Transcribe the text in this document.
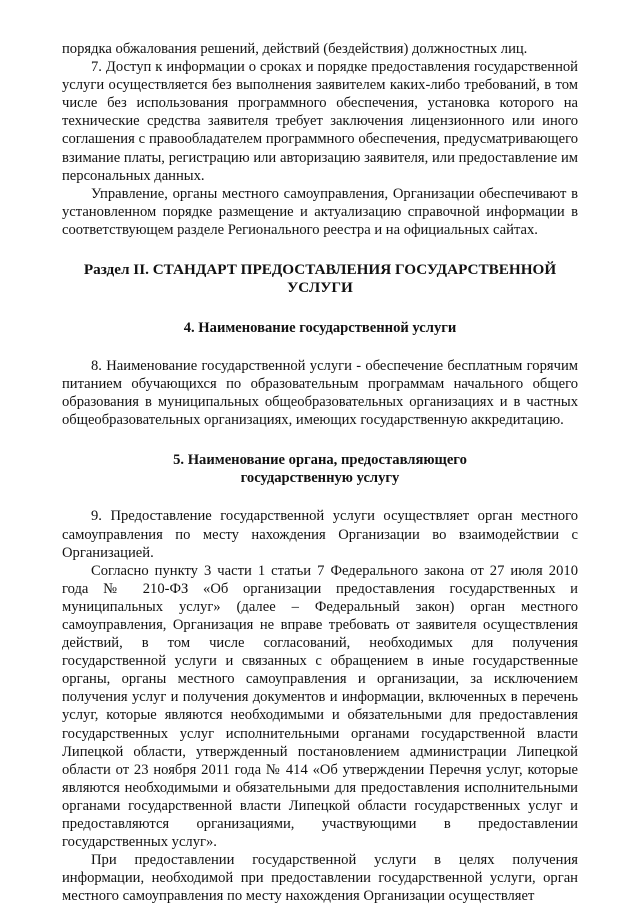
порядка обжалования решений, действий (бездействия) должностных лиц.

7. Доступ к информации о сроках и порядке предоставления государственной услуги осуществляется без выполнения заявителем каких-либо требований, в том числе без использования программного обеспечения, установка которого на технические средства заявителя требует заключения лицензионного или иного соглашения с правообладателем программного обеспечения, предусматривающего взимание платы, регистрацию или авторизацию заявителя, или предоставление им персональных данных.

Управление, органы местного самоуправления, Организации обеспечивают в установленном порядке размещение и актуализацию справочной информации в соответствующем разделе Регионального реестра и на официальных сайтах.

Раздел II. СТАНДАРТ ПРЕДОСТАВЛЕНИЯ ГОСУДАРСТВЕННОЙ УСЛУГИ
4. Наименование государственной услуги

8. Наименование государственной услуги - обеспечение бесплатным горячим питанием обучающихся по образовательным программам начального общего образования в муниципальных общеобразовательных организациях и в частных общеобразовательных организациях, имеющих государственную аккредитацию.

5. Наименование органа, предоставляющего
государственную услугу

9. Предоставление государственной услуги осуществляет орган местного самоуправления по месту нахождения Организации во взаимодействии с Организацией.

Согласно пункту 3 части 1 статьи 7 Федерального закона от 27 июля 2010 года № 210-ФЗ «Об организации предоставления государственных и муниципальных услуг» (далее – Федеральный закон) орган местного самоуправления, Организация не вправе требовать от заявителя осуществления действий, в том числе согласований, необходимых для получения государственной услуги и связанных с обращением в иные государственные органы, органы местного самоуправления и организации, за исключением получения услуг и получения документов и информации, включенных в перечень услуг, которые являются необходимыми и обязательными для предоставления государственных услуг исполнительными органами государственной власти Липецкой области, утвержденный постановлением администрации Липецкой области от 23 ноября 2011 года № 414 «Об утверждении Перечня услуг, которые являются необходимыми и обязательными для предоставления исполнительными органами государственной власти Липецкой области государственных услуг и предоставляются организациями, участвующими в предоставлении государственных услуг».

При предоставлении государственной услуги в целях получения информации, необходимой при предоставлении государственной услуги, орган местного самоуправления по месту нахождения Организации осуществляет
